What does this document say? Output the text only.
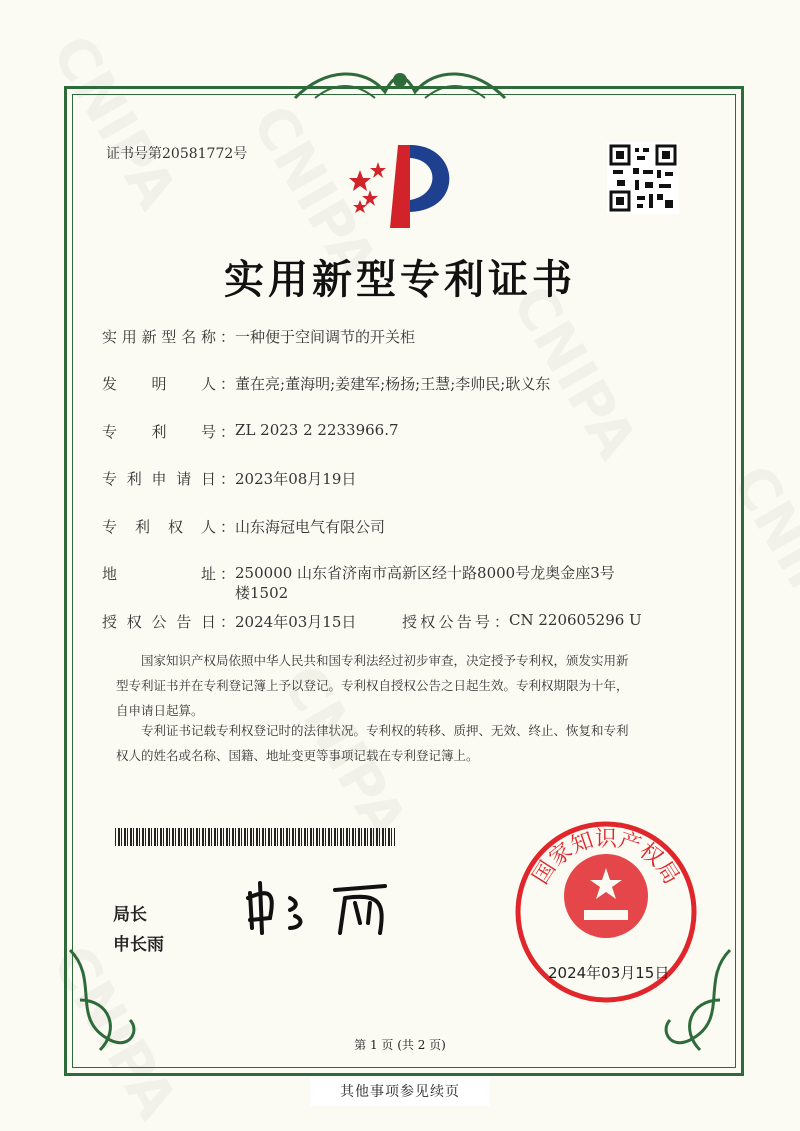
证书号第20581772号
实用新型专利证书
实用新型名称 ： 一种便于空间调节的开关柜
发明人 ： 董在亮;董海明;姜建军;杨扬;王慧;李帅民;耿义东
专利号 ： ZL 2023 2 2233966.7
专利申请日 ： 2023年08月19日
专利权人 ： 山东海冠电气有限公司
地址 ： 250000 山东省济南市高新区经十路8000号龙奥金座3号
楼1502
授权公告日 ： 2024年03月15日	授权公告号 ： CN 220605296 U
国家知识产权局依照中华人民共和国专利法经过初步审查，决定授予专利权，颁发实用新型专利证书并在专利登记簿上予以登记。专利权自授权公告之日起生效。专利权期限为十年，自申请日起算。
专利证书记载专利权登记时的法律状况。专利权的转移、质押、无效、终止、恢复和专利权人的姓名或名称、国籍、地址变更等事项记载在专利登记簿上。
局长
申长雨
国家知识产权局
2024年03月15日
第 1 页 (共 2 页)
其他事项参见续页
